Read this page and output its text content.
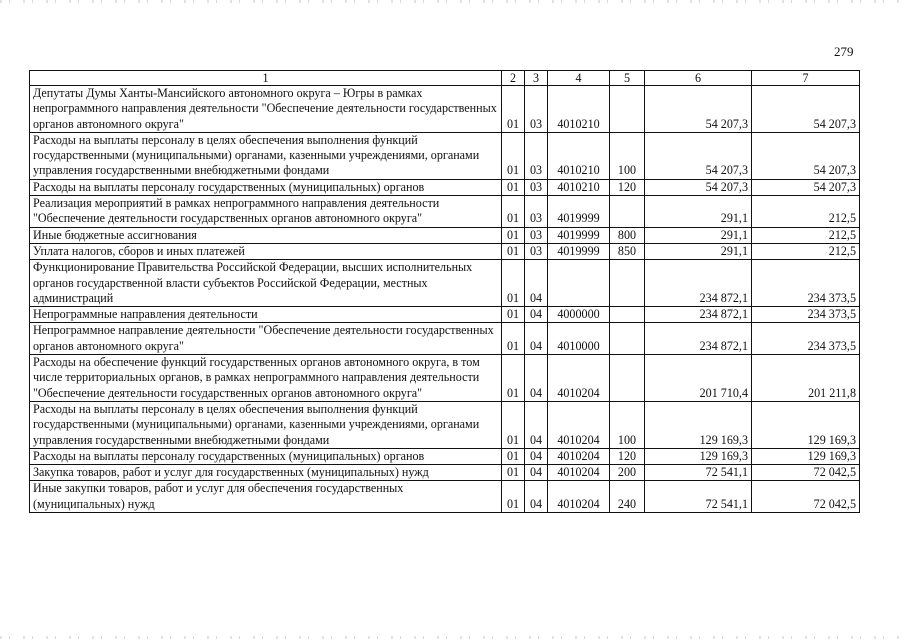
279
1	2	3	4	5	6	7
Депутаты Думы Ханты-Мансийского автономного округа – Югры в рамках непрограммного направления деятельности "Обеспечение деятельности государственных органов автономного округа"	01	03	4010210		54 207,3	54 207,3
Расходы на выплаты персоналу в целях обеспечения выполнения функций государственными (муниципальными) органами, казенными учреждениями, органами управления государственными внебюджетными фондами	01	03	4010210	100	54 207,3	54 207,3
Расходы на выплаты персоналу государственных (муниципальных) органов	01	03	4010210	120	54 207,3	54 207,3
Реализация мероприятий в рамках непрограммного направления деятельности "Обеспечение деятельности государственных органов автономного округа"	01	03	4019999		291,1	212,5
Иные бюджетные ассигнования	01	03	4019999	800	291,1	212,5
Уплата налогов, сборов и иных платежей	01	03	4019999	850	291,1	212,5
Функционирование Правительства Российской Федерации, высших исполнительных органов государственной власти субъектов Российской Федерации, местных администраций	01	04			234 872,1	234 373,5
Непрограммные направления деятельности	01	04	4000000		234 872,1	234 373,5
Непрограммное направление деятельности "Обеспечение деятельности государственных органов автономного округа"	01	04	4010000		234 872,1	234 373,5
Расходы на обеспечение функций государственных органов автономного округа, в том числе территориальных органов, в рамках непрограммного направления деятельности "Обеспечение деятельности государственных органов автономного округа"	01	04	4010204		201 710,4	201 211,8
Расходы на выплаты персоналу в целях обеспечения выполнения функций государственными (муниципальными) органами, казенными учреждениями, органами управления государственными внебюджетными фондами	01	04	4010204	100	129 169,3	129 169,3
Расходы на выплаты персоналу государственных (муниципальных) органов	01	04	4010204	120	129 169,3	129 169,3
Закупка товаров, работ и услуг для государственных (муниципальных) нужд	01	04	4010204	200	72 541,1	72 042,5
Иные закупки товаров, работ и услуг для обеспечения государственных (муниципальных) нужд	01	04	4010204	240	72 541,1	72 042,5
